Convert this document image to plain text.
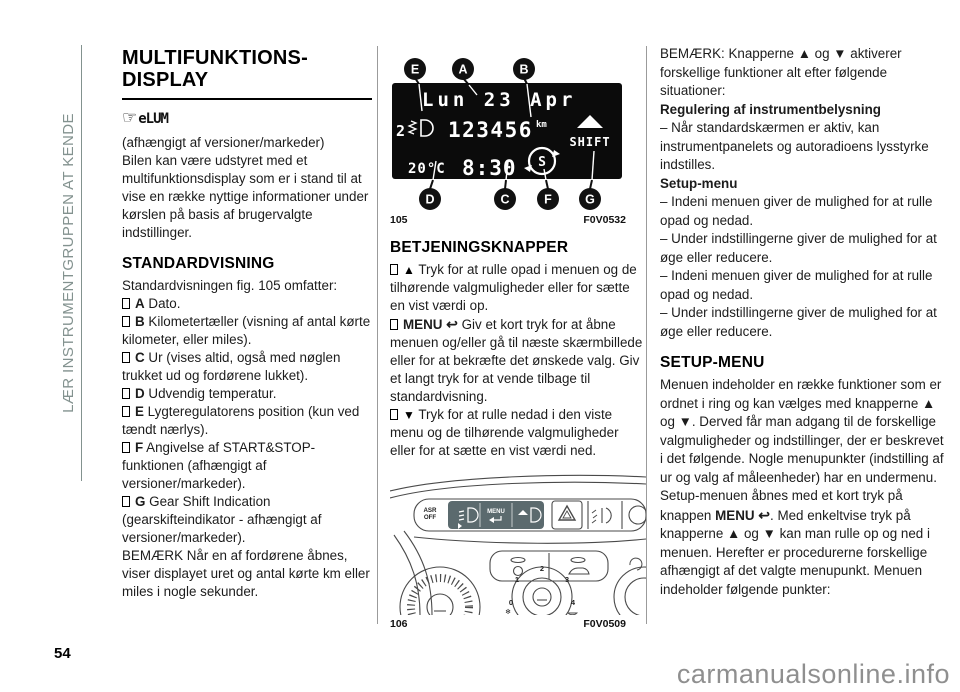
LÆR INSTRUMENTGRUPPEN AT KENDE
54
MULTIFUNKTIONS-
DISPLAY
☞eLUM

(afhængigt af versioner/markeder)

Bilen kan være udstyret med et multifunktionsdisplay som er i stand til at vise en række nyttige informationer under kørslen på basis af brugervalgte indstillinger.

STANDARDVISNING

Standardvisningen fig. 105 omfatter:

A Dato.

B Kilometertæller (visning af antal kørte kilometer, eller miles).

C Ur (vises altid, også med nøglen trukket ud og fordørene lukket).

D Udvendig temperatur.

E Lygteregulatorens position (kun ved tændt nærlys).

F Angivelse af START&STOP- funktionen (afhængigt af versioner/markeder).

G Gear Shift Indication (gearskifteindikator - afhængigt af versioner/markeder).

BEMÆRK Når en af fordørene åbnes, viser displayet uret og antal kørte km eller miles i nogle sekunder.

Lun 23 Apr
2 123456 km
SHIFT
20°C 8:30 S
E	A	B
D	C	F	G
105	F0V0532
BETJENINGSKNAPPER

▲ Tryk for at rulle opad i menuen og de tilhørende valgmuligheder eller for sætte en vist værdi op.

MENU ↩ Giv et kort tryk for at åbne menuen og/eller gå til næste skærmbillede eller for at bekræfte det ønskede valg. Giv et langt tryk for at vende tilbage til standardvisning.

▼ Tryk for at rulle nedad i den viste menu og de tilhørende valgmuligheder eller for at sætte en vist værdi ned.

MENU
ASR
OFF
0
1
2
3
4
❄
106	F0V0509

BEMÆRK: Knapperne ▲ og ▼ aktiverer forskellige funktioner alt efter følgende situationer:

Regulering af instrumentbelysning

– Når standardskærmen er aktiv, kan instrumentpanelets og autoradioens lysstyrke indstilles.

Setup-menu

– Indeni menuen giver de mulighed for at rulle opad og nedad.

– Under indstillingerne giver de mulighed for at øge eller reducere.

– Indeni menuen giver de mulighed for at rulle opad og nedad.

– Under indstillingerne giver de mulighed for at øge eller reducere.

SETUP-MENU

Menuen indeholder en række funktioner som er ordnet i ring og kan vælges med knapperne ▲ og ▼. Derved får man adgang til de forskellige valgmuligheder og indstillinger, der er beskrevet i det følgende. Nogle menupunkter (indstilling af ur og valg af måleenheder) har en undermenu.

Setup-menuen åbnes med et kort tryk på knappen MENU ↩. Med enkeltvise tryk på knapperne ▲ og ▼ kan man rulle op og ned i menuen. Herefter er procedurerne forskellige afhængigt af det valgte menupunkt. Menuen indeholder følgende punkter:

carmanualsonline.info
